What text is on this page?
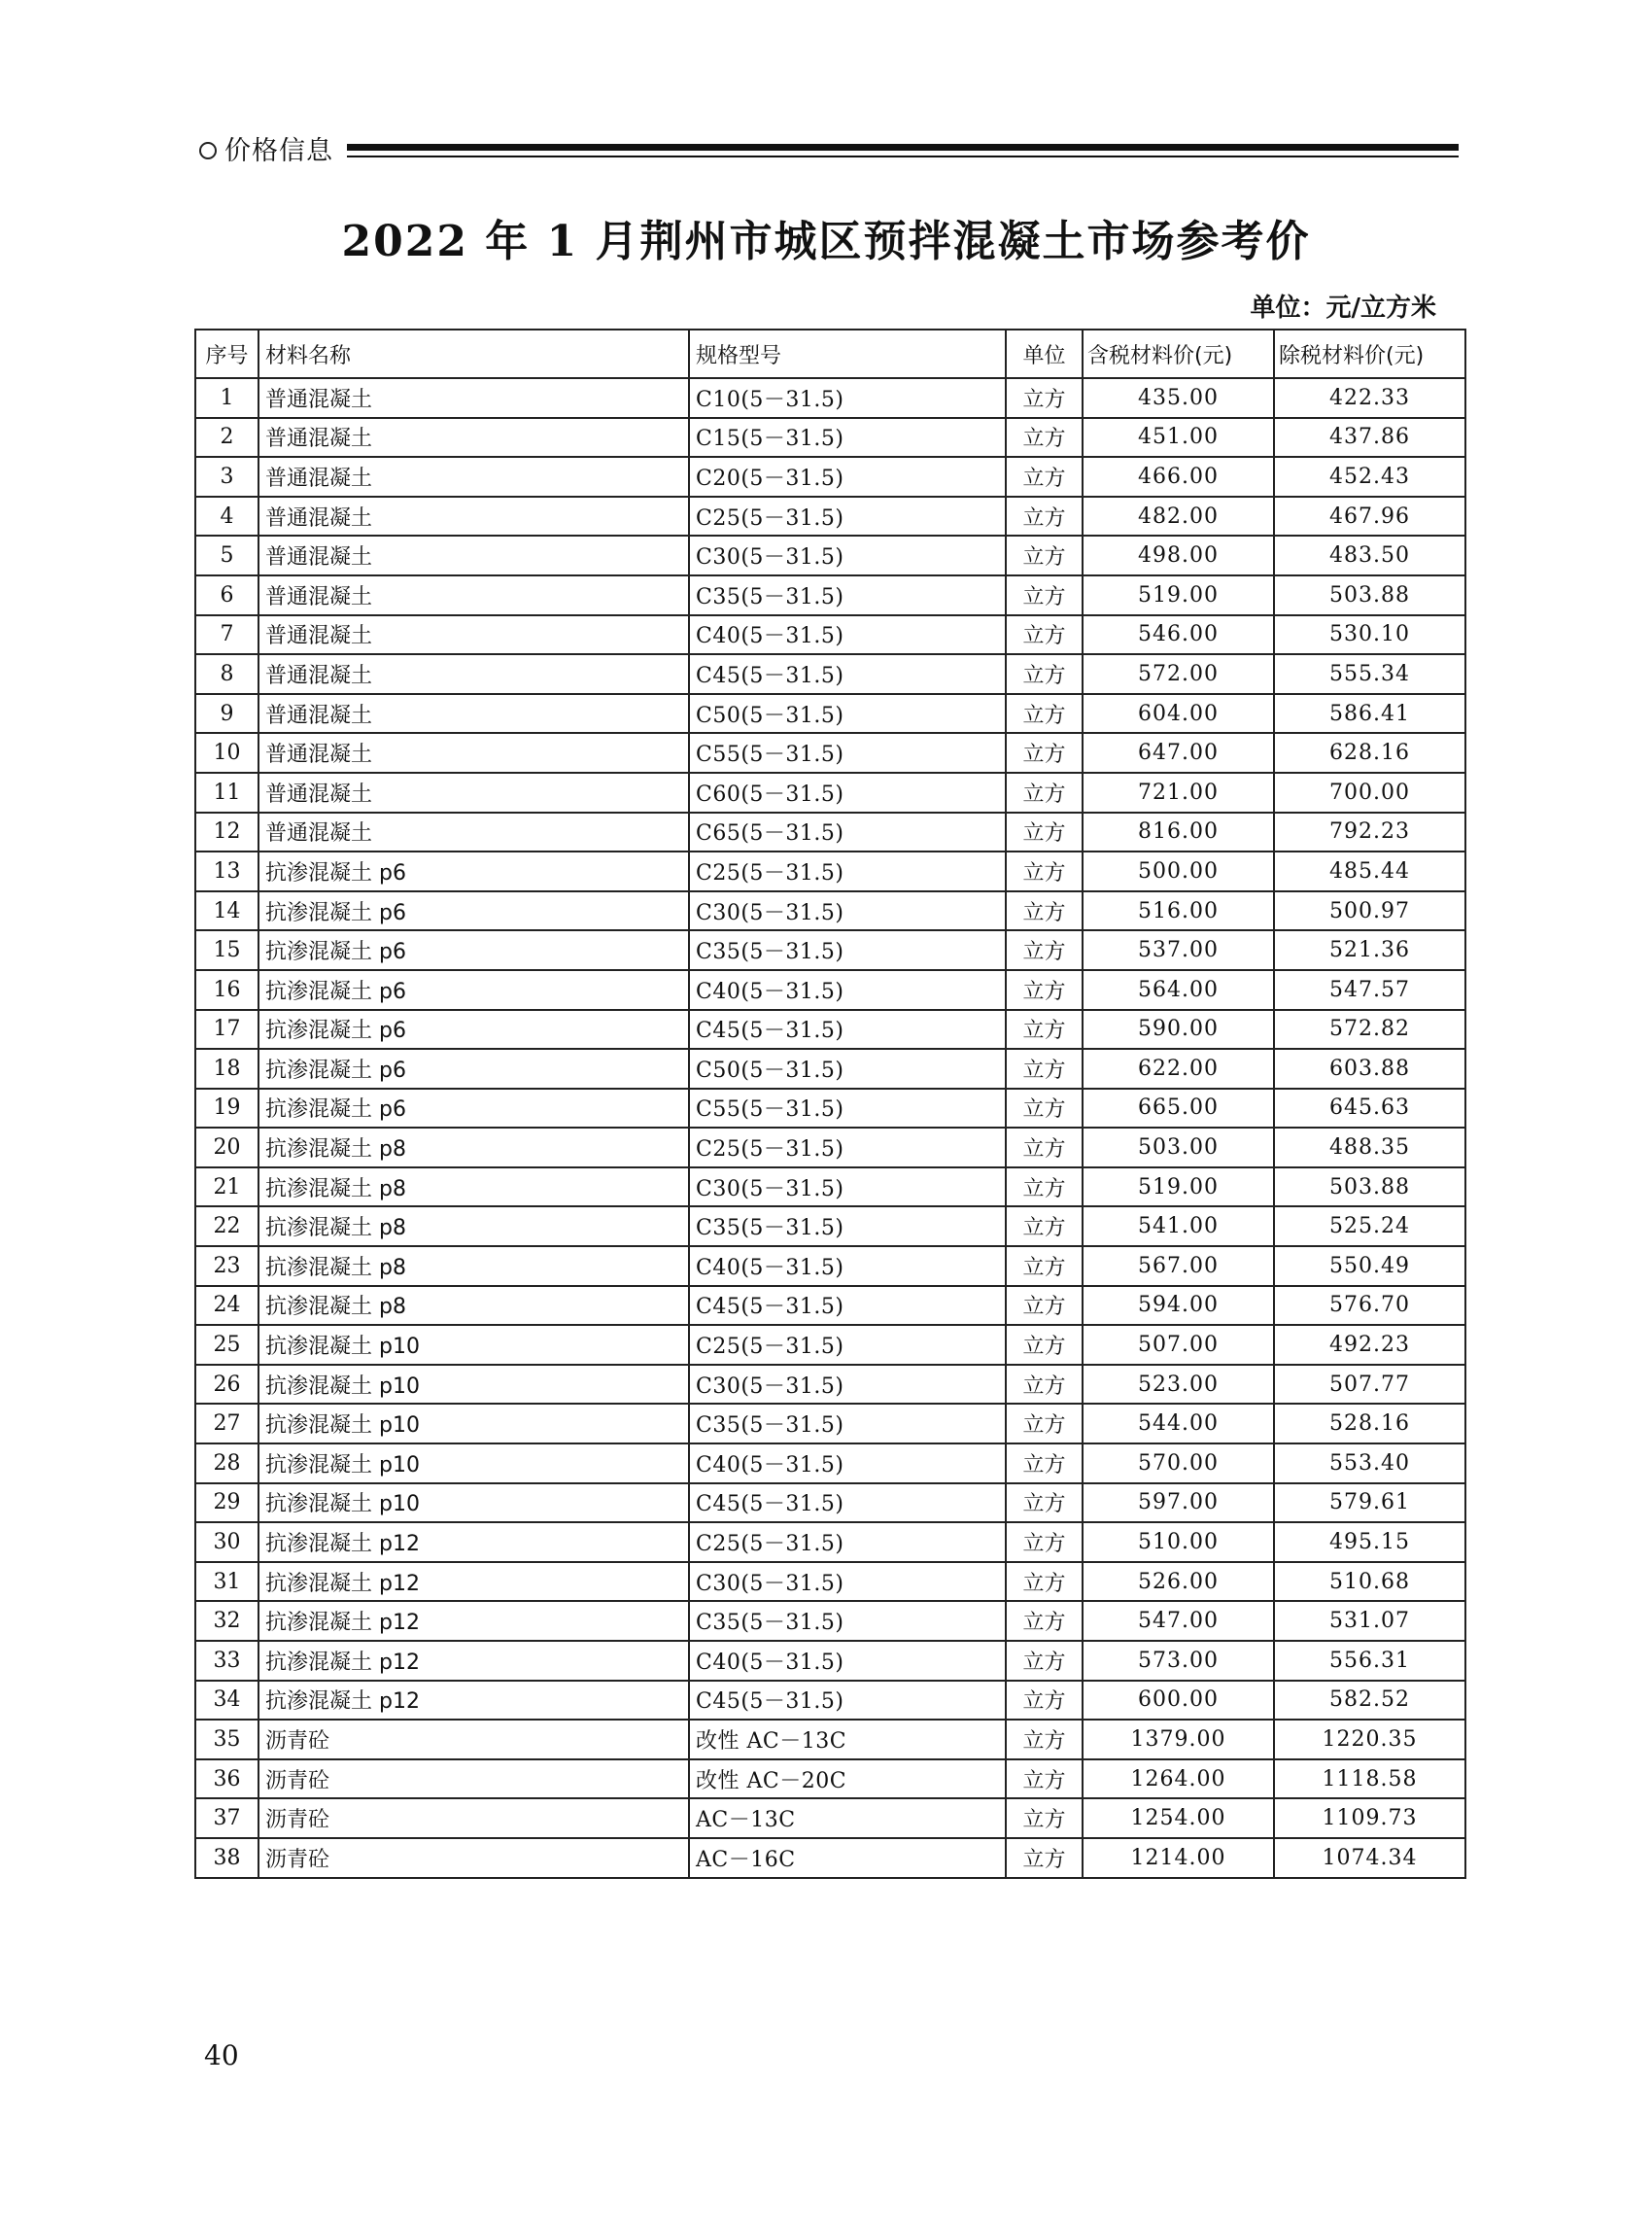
价格信息
2022 年 1 月荆州市城区预拌混凝土市场参考价
单位：元/立方米
序号	材料名称	规格型号	单位	含税材料价(元)	除税材料价(元)
1	普通混凝土	C10(5－31.5)	立方	435.00	422.33
2	普通混凝土	C15(5－31.5)	立方	451.00	437.86
3	普通混凝土	C20(5－31.5)	立方	466.00	452.43
4	普通混凝土	C25(5－31.5)	立方	482.00	467.96
5	普通混凝土	C30(5－31.5)	立方	498.00	483.50
6	普通混凝土	C35(5－31.5)	立方	519.00	503.88
7	普通混凝土	C40(5－31.5)	立方	546.00	530.10
8	普通混凝土	C45(5－31.5)	立方	572.00	555.34
9	普通混凝土	C50(5－31.5)	立方	604.00	586.41
10	普通混凝土	C55(5－31.5)	立方	647.00	628.16
11	普通混凝土	C60(5－31.5)	立方	721.00	700.00
12	普通混凝土	C65(5－31.5)	立方	816.00	792.23
13	抗渗混凝土 p6	C25(5－31.5)	立方	500.00	485.44
14	抗渗混凝土 p6	C30(5－31.5)	立方	516.00	500.97
15	抗渗混凝土 p6	C35(5－31.5)	立方	537.00	521.36
16	抗渗混凝土 p6	C40(5－31.5)	立方	564.00	547.57
17	抗渗混凝土 p6	C45(5－31.5)	立方	590.00	572.82
18	抗渗混凝土 p6	C50(5－31.5)	立方	622.00	603.88
19	抗渗混凝土 p6	C55(5－31.5)	立方	665.00	645.63
20	抗渗混凝土 p8	C25(5－31.5)	立方	503.00	488.35
21	抗渗混凝土 p8	C30(5－31.5)	立方	519.00	503.88
22	抗渗混凝土 p8	C35(5－31.5)	立方	541.00	525.24
23	抗渗混凝土 p8	C40(5－31.5)	立方	567.00	550.49
24	抗渗混凝土 p8	C45(5－31.5)	立方	594.00	576.70
25	抗渗混凝土 p10	C25(5－31.5)	立方	507.00	492.23
26	抗渗混凝土 p10	C30(5－31.5)	立方	523.00	507.77
27	抗渗混凝土 p10	C35(5－31.5)	立方	544.00	528.16
28	抗渗混凝土 p10	C40(5－31.5)	立方	570.00	553.40
29	抗渗混凝土 p10	C45(5－31.5)	立方	597.00	579.61
30	抗渗混凝土 p12	C25(5－31.5)	立方	510.00	495.15
31	抗渗混凝土 p12	C30(5－31.5)	立方	526.00	510.68
32	抗渗混凝土 p12	C35(5－31.5)	立方	547.00	531.07
33	抗渗混凝土 p12	C40(5－31.5)	立方	573.00	556.31
34	抗渗混凝土 p12	C45(5－31.5)	立方	600.00	582.52
35	沥青砼	改性 AC－13C	立方	1379.00	1220.35
36	沥青砼	改性 AC－20C	立方	1264.00	1118.58
37	沥青砼	AC－13C	立方	1254.00	1109.73
38	沥青砼	AC－16C	立方	1214.00	1074.34
40
